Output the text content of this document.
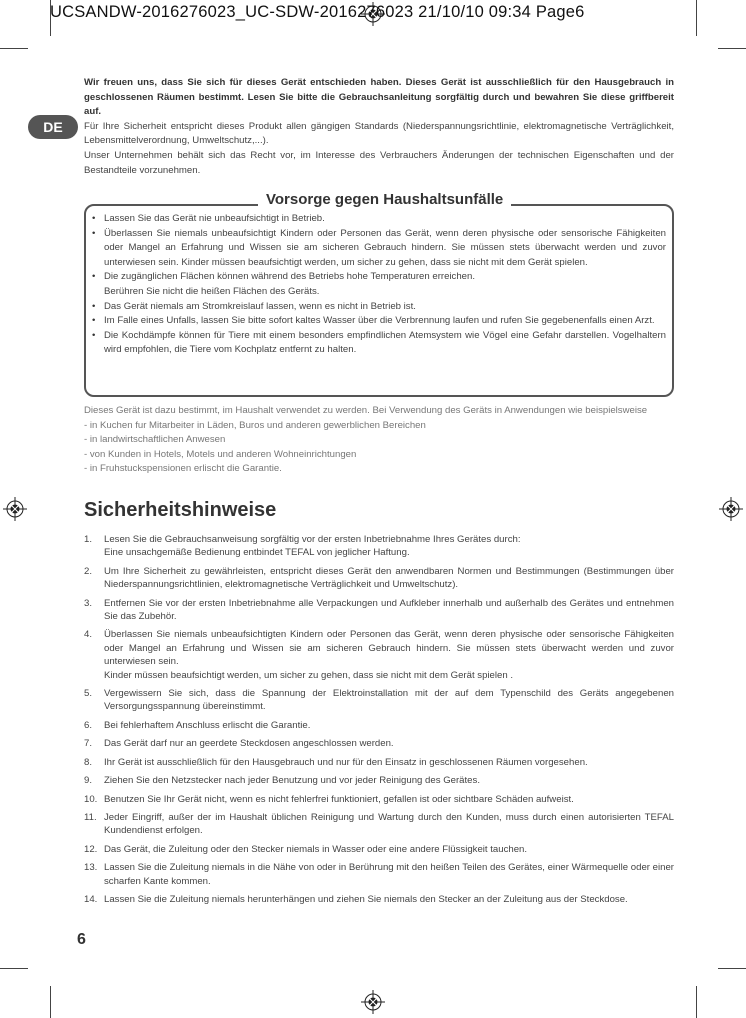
UCSANDW-2016276023_UC-SDW-2016276023 21/10/10 09:34 Page6
DE

Wir freuen uns, dass Sie sich für dieses Gerät entschieden haben. Dieses Gerät ist ausschließlich für den Hausgebrauch in geschlossenen Räumen bestimmt. Lesen Sie bitte die Gebrauchsanleitung sorgfältig durch und bewahren Sie diese griffbereit auf.

Für Ihre Sicherheit entspricht dieses Produkt allen gängigen Standards (Niederspannungsrichtlinie, elektromagnetische Verträglichkeit, Lebensmittelverordnung, Umweltschutz,...).

Unser Unternehmen behält sich das Recht vor, im Interesse des Verbrauchers Änderungen der technischen Eigenschaften und der Bestandteile vorzunehmen.

Vorsorge gegen Haushaltsunfälle
• Lassen Sie das Gerät nie unbeaufsichtigt in Betrieb.
• Überlassen Sie niemals unbeaufsichtigt Kindern oder Personen das Gerät, wenn deren physische oder sensorische Fähigkeiten oder Mangel an Erfahrung und Wissen sie am sicheren Gebrauch hindern. Sie müssen stets überwacht werden und zuvor unterwiesen sein. Kinder müssen beaufsichtigt werden, um sicher zu gehen, dass sie nicht mit dem Gerät spielen.
• Die zugänglichen Flächen können während des Betriebs hohe Temperaturen erreichen.
Berühren Sie nicht die heißen Flächen des Geräts.
• Das Gerät niemals am Stromkreislauf lassen, wenn es nicht in Betrieb ist.
• Im Falle eines Unfalls, lassen Sie bitte sofort kaltes Wasser über die Verbrennung laufen und rufen Sie gegebenenfalls einen Arzt.
• Die Kochdämpfe können für Tiere mit einem besonders empfindlichen Atemsystem wie Vögel eine Gefahr darstellen. Vogelhaltern wird empfohlen, die Tiere vom Kochplatz entfernt zu halten.

Dieses Gerät ist dazu bestimmt, im Haushalt verwendet zu werden. Bei Verwendung des Geräts in Anwendungen wie beispielsweise

- in Kuchen fur Mitarbeiter in Läden, Buros und anderen gewerblichen Bereichen

- in landwirtschaftlichen Anwesen

- von Kunden in Hotels, Motels und anderen Wohneinrichtungen

- in Fruhstuckspensionen erlischt die Garantie.

Sicherheitshinweise
1. Lesen Sie die Gebrauchsanweisung sorgfältig vor der ersten Inbetriebnahme Ihres Gerätes durch:
Eine unsachgemäße Bedienung entbindet TEFAL von jeglicher Haftung.
2. Um Ihre Sicherheit zu gewährleisten, entspricht dieses Gerät den anwendbaren Normen und Bestimmungen (Bestimmungen über Niederspannungsrichtlinien, elektromagnetische Verträglichkeit und Umweltschutz).
3. Entfernen Sie vor der ersten Inbetriebnahme alle Verpackungen und Aufkleber innerhalb und außerhalb des Gerätes und entnehmen Sie das Zubehör.
4. Überlassen Sie niemals unbeaufsichtigten Kindern oder Personen das Gerät, wenn deren physische oder sensorische Fähigkeiten oder Mangel an Erfahrung und Wissen sie am sicheren Gebrauch hindern. Sie müssen stets überwacht werden und zuvor unterwiesen sein.
Kinder müssen beaufsichtigt werden, um sicher zu gehen, dass sie nicht mit dem Gerät spielen .
5. Vergewissern Sie sich, dass die Spannung der Elektroinstallation mit der auf dem Typenschild des Geräts angegebenen Versorgungsspannung übereinstimmt.
6. Bei fehlerhaftem Anschluss erlischt die Garantie.
7. Das Gerät darf nur an geerdete Steckdosen angeschlossen werden.
8. Ihr Gerät ist ausschließlich für den Hausgebrauch und nur für den Einsatz in geschlossenen Räumen vorgesehen.
9. Ziehen Sie den Netzstecker nach jeder Benutzung und vor jeder Reinigung des Gerätes.
10. Benutzen Sie Ihr Gerät nicht, wenn es nicht fehlerfrei funktioniert, gefallen ist oder sichtbare Schäden aufweist.
11. Jeder Eingriff, außer der im Haushalt üblichen Reinigung und Wartung durch den Kunden, muss durch einen autorisierten TEFAL Kundendienst erfolgen.
12. Das Gerät, die Zuleitung oder den Stecker niemals in Wasser oder eine andere Flüssigkeit tauchen.
13. Lassen Sie die Zuleitung niemals in die Nähe von oder in Berührung mit den heißen Teilen des Gerätes, einer Wärmequelle oder einer scharfen Kante kommen.
14. Lassen Sie die Zuleitung niemals herunterhängen und ziehen Sie niemals den Stecker an der Zuleitung aus der Steckdose.
6
